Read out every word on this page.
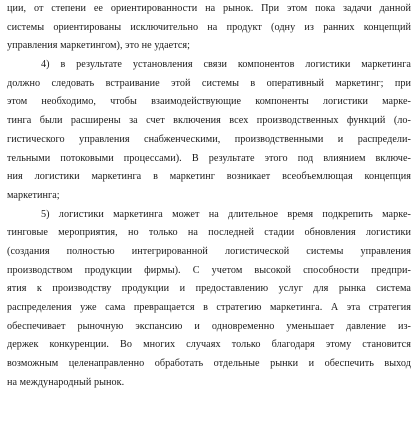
ции, от степени ее ориентированности на рынок. При этом пока задачи данной
системы ориентированы исключительно на продукт (одну из ранних концепций
управления маркетингом), это не удается;
4) в результате установления связи компонентов логистики маркетинга
должно следовать встраивание этой системы в оперативный маркетинг; при
этом необходимо, чтобы взаимодействующие компоненты логистики марке-
тинга были расширены за счет включения всех производственных функций (ло-
гистического управления снабженческими, производственными и распредели-
тельными потоковыми процессами). В результате этого под влиянием включе-
ния логистики маркетинга в маркетинг возникает всеобъемлющая концепция
маркетинга;
5) логистики маркетинга может на длительное время подкрепить марке-
тинговые мероприятия, но только на последней стадии обновления логистики
(создания полностью интегрированной логистической системы управления
производством продукции фирмы). С учетом высокой способности предпри-
ятия к производству продукции и предоставлению услуг для рынка система
распределения уже сама превращается в стратегию маркетинга. А эта стратегия
обеспечивает рыночную экспансию и одновременно уменьшает давление из-
держек конкуренции. Во многих случаях только благодаря этому становится
возможным целенаправленно обработать отдельные рынки и обеспечить выход
на международный рынок.
